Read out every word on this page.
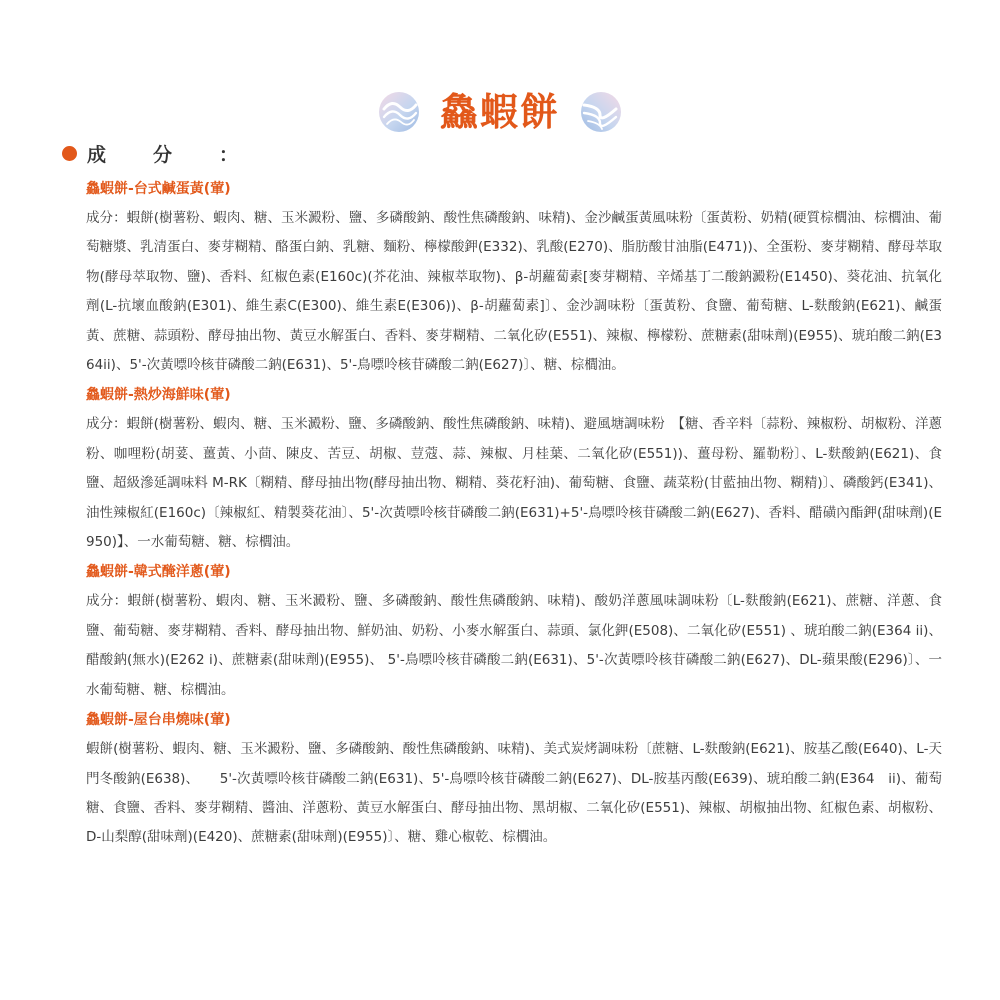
鱻蝦餅
成　分　：
鱻蝦餅-台式鹹蛋黃(葷)
成分：蝦餅(樹薯粉、蝦肉、糖、玉米澱粉、鹽、多磷酸鈉、酸性焦磷酸鈉、味精)、金沙鹹蛋黃風味粉〔蛋黃粉、奶精(硬質棕櫚油、棕櫚油、葡萄糖漿、乳清蛋白、麥芽糊精、酪蛋白鈉、乳糖、麵粉、檸檬酸鉀(E332)、乳酸(E270)、脂肪酸甘油脂(E471))、全蛋粉、麥芽糊精、酵母萃取物(酵母萃取物、鹽)、香料、紅椒色素(E160c)(芥花油、辣椒萃取物)、β-胡蘿蔔素[麥芽糊精、辛烯基丁二酸鈉澱粉(E1450)、葵花油、抗氧化劑(L-抗壞血酸鈉(E301)、維生素C(E300)、維生素E(E306))、β-胡蘿蔔素]〕、金沙調味粉〔蛋黃粉、食鹽、葡萄糖、L-麩酸鈉(E621)、鹹蛋黃、蔗糖、蒜頭粉、酵母抽出物、黃豆水解蛋白、香料、麥芽糊精、二氧化矽(E551)、辣椒、檸檬粉、蔗糖素(甜味劑)(E955)、琥珀酸二鈉(E364ii)、5'-次黃嘌呤核苷磷酸二鈉(E631)、5'-鳥嘌呤核苷磷酸二鈉(E627)〕、糖、棕櫚油。
鱻蝦餅-熱炒海鮮味(葷)
成分：蝦餅(樹薯粉、蝦肉、糖、玉米澱粉、鹽、多磷酸鈉、酸性焦磷酸鈉、味精)、避風塘調味粉　【糖、香辛料〔蒜粉、辣椒粉、胡椒粉、洋蔥粉、咖哩粉(胡荽、薑黃、小茴、陳皮、苦豆、胡椒、荳蔻、蒜、辣椒、月桂葉、二氧化矽(E551))、薑母粉、羅勒粉〕、L-麩酸鈉(E621)、食鹽、超級滲延調味料 M-RK〔糊精、酵母抽出物(酵母抽出物、糊精、葵花籽油)、葡萄糖、食鹽、蔬菜粉(甘藍抽出物、糊精)〕、磷酸鈣(E341)、油性辣椒紅(E160c)〔辣椒紅、精製葵花油〕、5'-次黃嘌呤核苷磷酸二鈉(E631)+5'-鳥嘌呤核苷磷酸二鈉(E627)、香料、醋磺內酯鉀(甜味劑)(E950)】、一水葡萄糖、糖、棕櫚油。
鱻蝦餅-韓式醃洋蔥(葷)
成分：蝦餅(樹薯粉、蝦肉、糖、玉米澱粉、鹽、多磷酸鈉、酸性焦磷酸鈉、味精)、酸奶洋蔥風味調味粉〔L-麩酸鈉(E621)、蔗糖、洋蔥、食鹽、葡萄糖、麥芽糊精、香料、酵母抽出物、鮮奶油、奶粉、小麥水解蛋白、蒜頭、氯化鉀(E508)、二氧化矽(E551) 、琥珀酸二鈉(E364 ii)、醋酸鈉(無水)(E262 i)、蔗糖素(甜味劑)(E955)、 5'-鳥嘌呤核苷磷酸二鈉(E631)、5'-次黃嘌呤核苷磷酸二鈉(E627)、DL-蘋果酸(E296)〕、一水葡萄糖、糖、棕櫚油。
鱻蝦餅-屋台串燒味(葷)
蝦餅(樹薯粉、蝦肉、糖、玉米澱粉、鹽、多磷酸鈉、酸性焦磷酸鈉、味精)、美式炭烤調味粉〔蔗糖、L-麩酸鈉(E621)、胺基乙酸(E640)、L-天門冬酸鈉(E638)、　　5'-次黃嘌呤核苷磷酸二鈉(E631)、5'-鳥嘌呤核苷磷酸二鈉(E627)、DL-胺基丙酸(E639)、琥珀酸二鈉(E364　ii)、葡萄糖、食鹽、香料、麥芽糊精、醬油、洋蔥粉、黃豆水解蛋白、酵母抽出物、黑胡椒、二氧化矽(E551)、辣椒、胡椒抽出物、紅椒色素、胡椒粉、D-山梨醇(甜味劑)(E420)、蔗糖素(甜味劑)(E955)〕、糖、雞心椒乾、棕櫚油。
